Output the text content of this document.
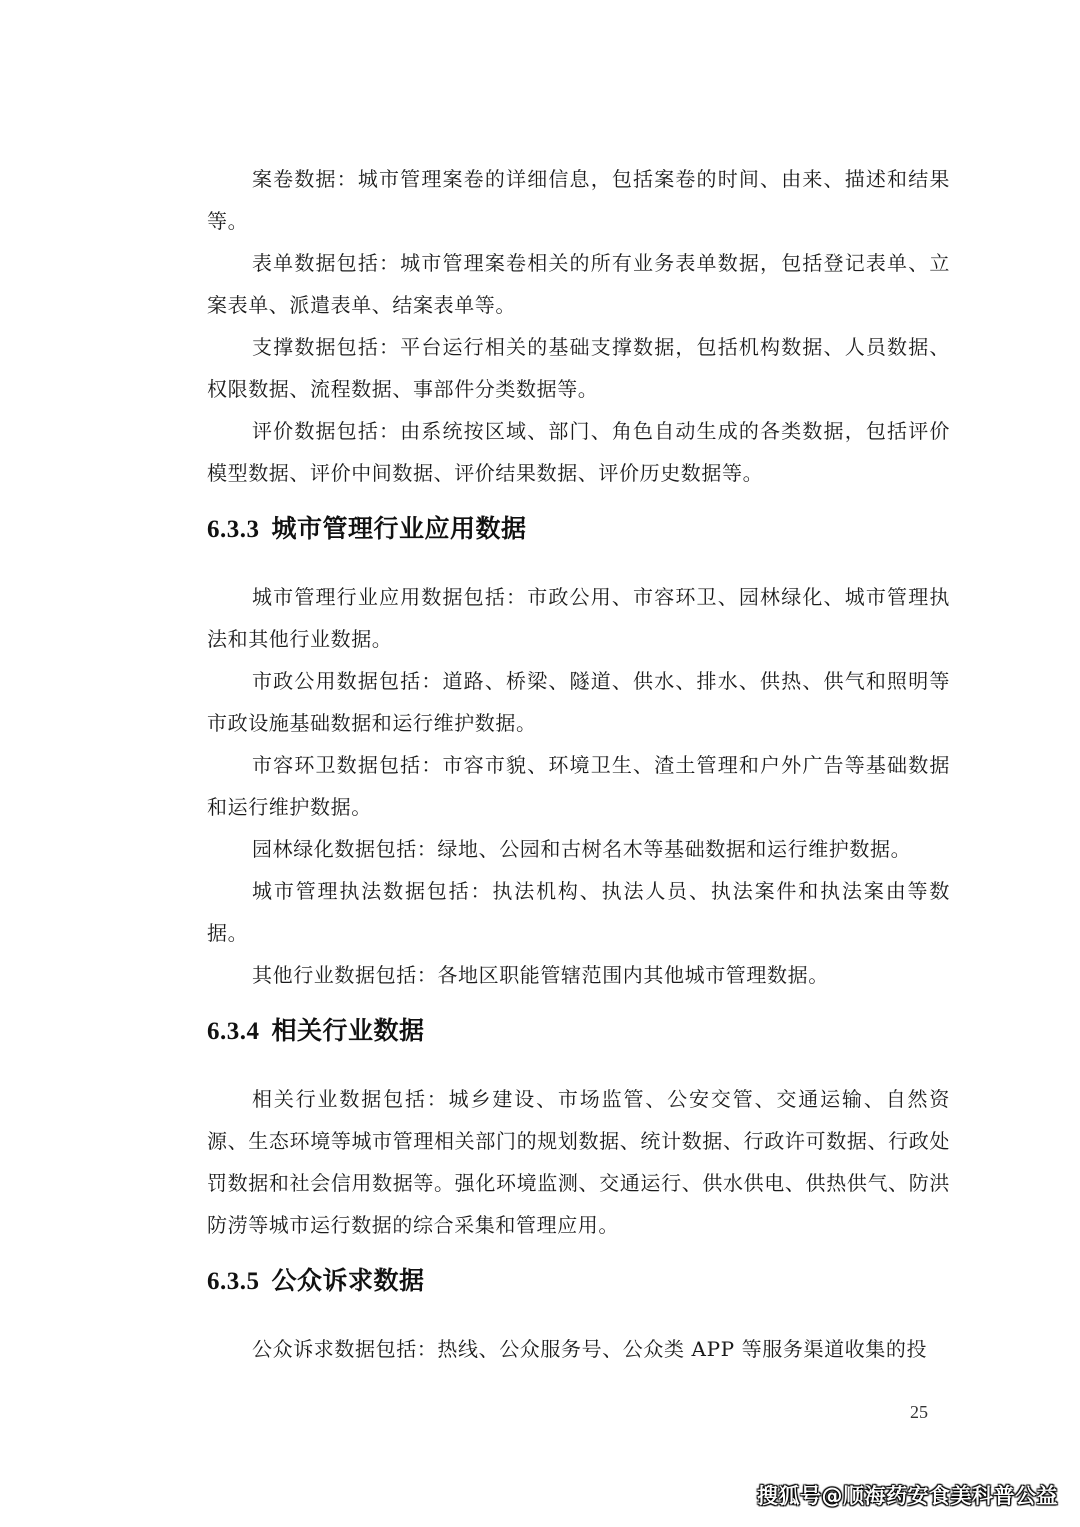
案卷数据：城市管理案卷的详细信息，包括案卷的时间、由来、描述和结果等。

表单数据包括：城市管理案卷相关的所有业务表单数据，包括登记表单、立案表单、派遣表单、结案表单等。

支撑数据包括：平台运行相关的基础支撑数据，包括机构数据、人员数据、权限数据、流程数据、事部件分类数据等。

评价数据包括：由系统按区域、部门、角色自动生成的各类数据，包括评价模型数据、评价中间数据、评价结果数据、评价历史数据等。

6.3.3 城市管理行业应用数据

城市管理行业应用数据包括：市政公用、市容环卫、园林绿化、城市管理执法和其他行业数据。

市政公用数据包括：道路、桥梁、隧道、供水、排水、供热、供气和照明等市政设施基础数据和运行维护数据。

市容环卫数据包括：市容市貌、环境卫生、渣土管理和户外广告等基础数据和运行维护数据。

园林绿化数据包括：绿地、公园和古树名木等基础数据和运行维护数据。

城市管理执法数据包括：执法机构、执法人员、执法案件和执法案由等数据。

其他行业数据包括：各地区职能管辖范围内其他城市管理数据。

6.3.4 相关行业数据

相关行业数据包括：城乡建设、市场监管、公安交管、交通运输、自然资源、生态环境等城市管理相关部门的规划数据、统计数据、行政许可数据、行政处罚数据和社会信用数据等。强化环境监测、交通运行、供水供电、供热供气、防洪防涝等城市运行数据的综合采集和管理应用。

6.3.5 公众诉求数据

公众诉求数据包括：热线、公众服务号、公众类 APP 等服务渠道收集的投

25
搜狐号@顺海药安食美科普公益
